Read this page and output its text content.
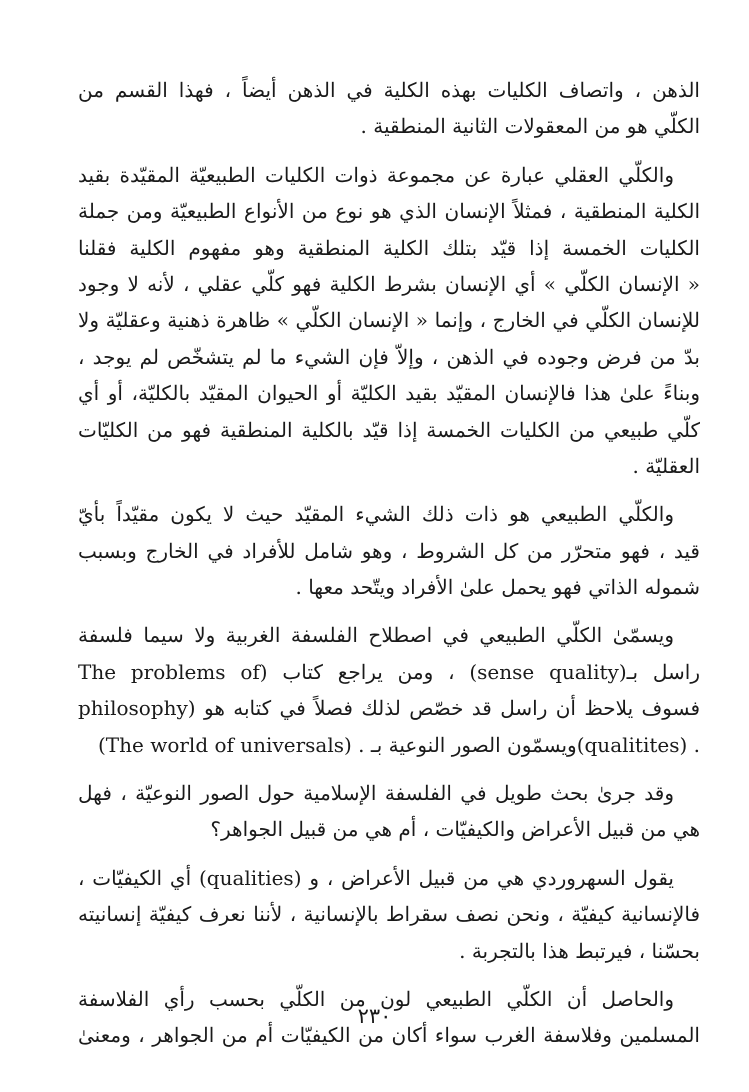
الذهن ، واتصاف الكليات بهذه الكلية في الذهن أيضاً ، فهذا القسم من
الكلّي هو من المعقولات الثانية المنطقية .

والكلّي العقلي عبارة عن مجموعة ذوات الكليات الطبيعيّة المقيّدة بقيد
الكلية المنطقية ، فمثلاً الإنسان الذي هو نوع من الأنواع الطبيعيّة ومن جملة
الكليات الخمسة إذا قيّد بتلك الكلية المنطقية وهو مفهوم الكلية فقلنا
« الإنسان الكلّي » أي الإنسان بشرط الكلية فهو كلّي عقلي ، لأنه لا وجود
للإنسان الكلّي في الخارج ، وإنما « الإنسان الكلّي » ظاهرة ذهنية وعقليّة ولا
بدّ من فرض وجوده في الذهن ، وإلاّ فإن الشيء ما لم يتشخّص لم يوجد ،
وبناءً علىٰ هذا فالإنسان المقيّد بقيد الكليّة أو الحيوان المقيّد بالكليّة، أو أي
كلّي طبيعي من الكليات الخمسة إذا قيّد بالكلية المنطقية فهو من الكليّات
العقليّة .

والكلّي الطبيعي هو ذات ذلك الشيء المقيّد حيث لا يكون مقيّداً بأيّ
قيد ، فهو متحرّر من كل الشروط ، وهو شامل للأفراد في الخارج وبسبب
شموله الذاتي فهو يحمل علىٰ الأفراد ويتّحد معها .

ويسمّىٰ الكلّي الطبيعي في اصطلاح الفلسفة الغربية ولا سيما فلسفة
راسل بـ(sense quality) ، ومن يراجع كتاب (The problems of
philosophy) فسوف يلاحظ أن راسل قد خصّص لذلك فصلاً في كتابه هو
(The world of universals) . ويسمّون الصور النوعية بـ(qualitites) .

وقد جرىٰ بحث طويل في الفلسفة الإسلامية حول الصور النوعيّة ، فهل
هي من قبيل الأعراض والكيفيّات ، أم هي من قبيل الجواهر؟

يقول السهروردي هي من قبيل الأعراض ، و (qualities) أي الكيفيّات ،
فالإنسانية كيفيّة ، ونحن نصف سقراط بالإنسانية ، لأننا نعرف كيفيّة إنسانيته
بحسّنا ، فيرتبط هذا بالتجربة .

والحاصل أن الكلّي الطبيعي لون من الكلّي بحسب رأي الفلاسفة
المسلمين وفلاسفة الغرب سواء أكان من الكيفيّات أم من الجواهر ، ومعنىٰ

٢٣٠
